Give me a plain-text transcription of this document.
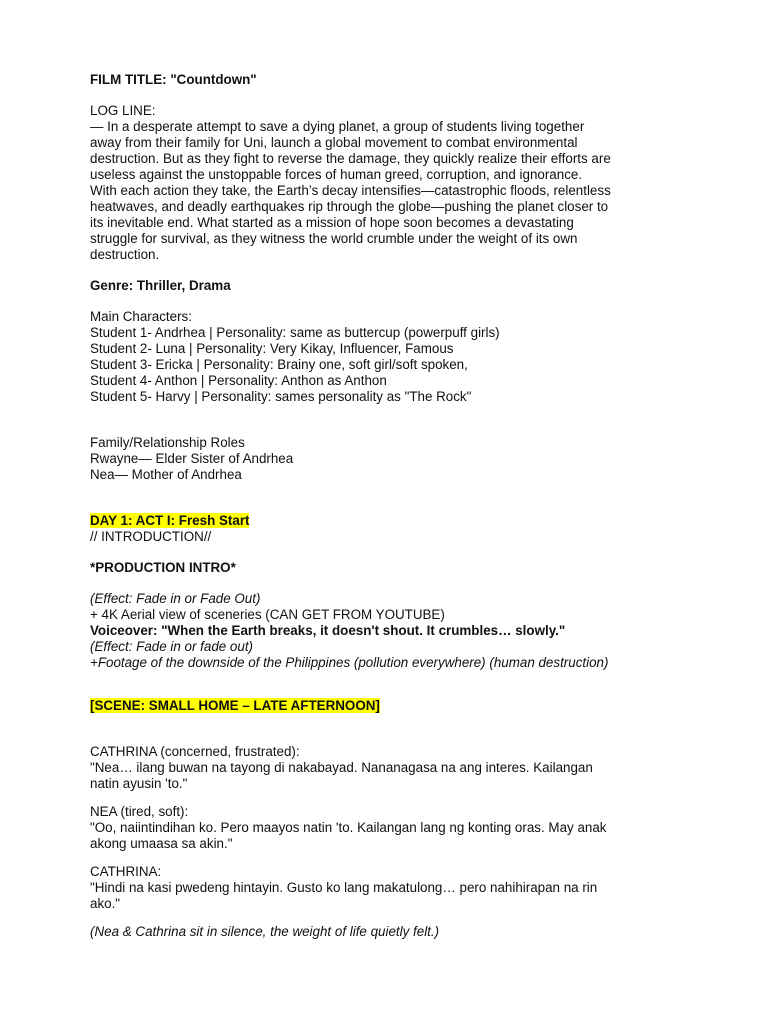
FILM TITLE: "Countdown"

LOG LINE:

— In a desperate attempt to save a dying planet, a group of students living together

away from their family for Uni, launch a global movement to combat environmental

destruction. But as they fight to reverse the damage, they quickly realize their efforts are

useless against the unstoppable forces of human greed, corruption, and ignorance.

With each action they take, the Earth’s decay intensifies—catastrophic floods, relentless

heatwaves, and deadly earthquakes rip through the globe—pushing the planet closer to

its inevitable end. What started as a mission of hope soon becomes a devastating

struggle for survival, as they witness the world crumble under the weight of its own

destruction.

Genre: Thriller, Drama

Main Characters:

Student 1- Andrhea | Personality: same as buttercup (powerpuff girls)

Student 2- Luna | Personality: Very Kikay, Influencer, Famous

Student 3- Ericka | Personality: Brainy one, soft girl/soft spoken,

Student 4- Anthon | Personality: Anthon as Anthon

Student 5- Harvy | Personality: sames personality as "The Rock"

Family/Relationship Roles

Rwayne— Elder Sister of Andrhea

Nea— Mother of Andrhea

DAY 1: ACT I: Fresh Start

// INTRODUCTION//

*PRODUCTION INTRO*

(Effect: Fade in or Fade Out)

+ 4K Aerial view of sceneries (CAN GET FROM YOUTUBE)

Voiceover: "When the Earth breaks, it doesn't shout. It crumbles… slowly."

(Effect: Fade in or fade out)

+Footage of the downside of the Philippines (pollution everywhere) (human destruction)

[SCENE: SMALL HOME – LATE AFTERNOON]

CATHRINA (concerned, frustrated):

"Nea… ilang buwan na tayong di nakabayad. Nananagasa na ang interes. Kailangan

natin ayusin 'to."

NEA (tired, soft):

"Oo, naiintindihan ko. Pero maayos natin 'to. Kailangan lang ng konting oras. May anak

akong umaasa sa akin."

CATHRINA:

"Hindi na kasi pwedeng hintayin. Gusto ko lang makatulong… pero nahihirapan na rin

ako."

(Nea & Cathrina sit in silence, the weight of life quietly felt.)
